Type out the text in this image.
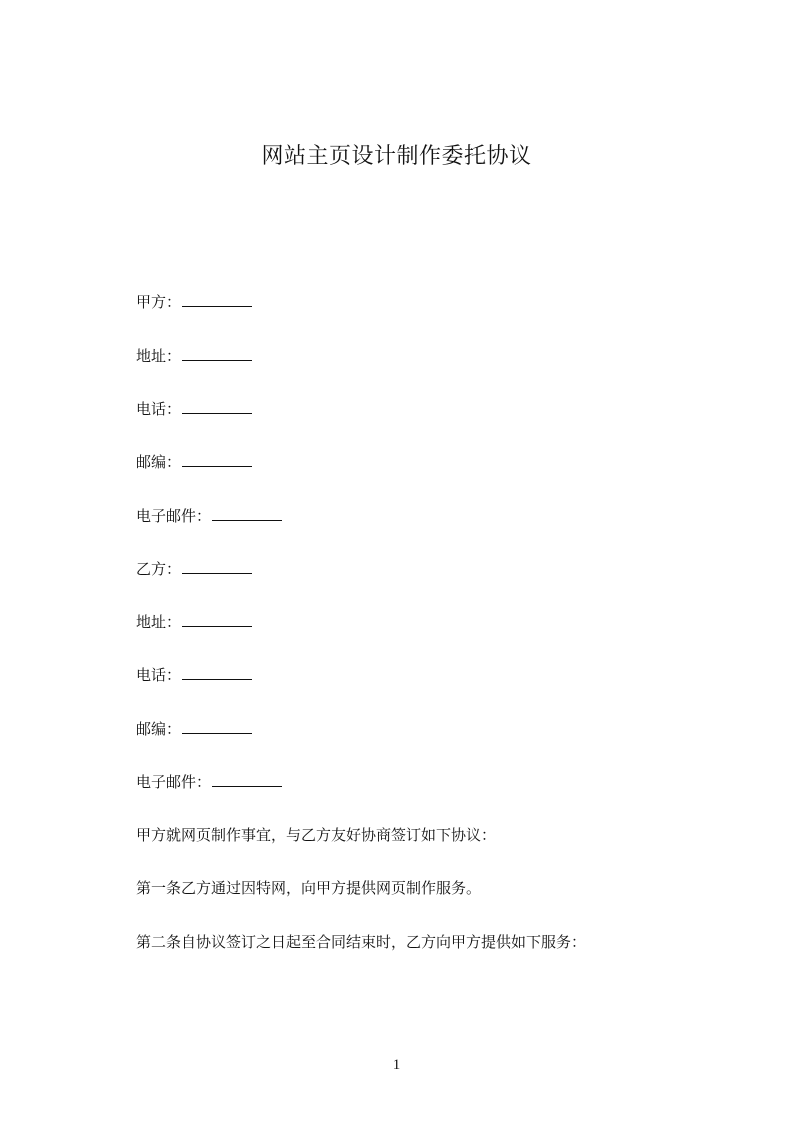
网站主页设计制作委托协议
甲方：
地址：
电话：
邮编：
电子邮件：
乙方：
地址：
电话：
邮编：
电子邮件：

甲方就网页制作事宜，与乙方友好协商签订如下协议：

第一条乙方通过因特网，向甲方提供网页制作服务。

第二条自协议签订之日起至合同结束时，乙方向甲方提供如下服务：

1
